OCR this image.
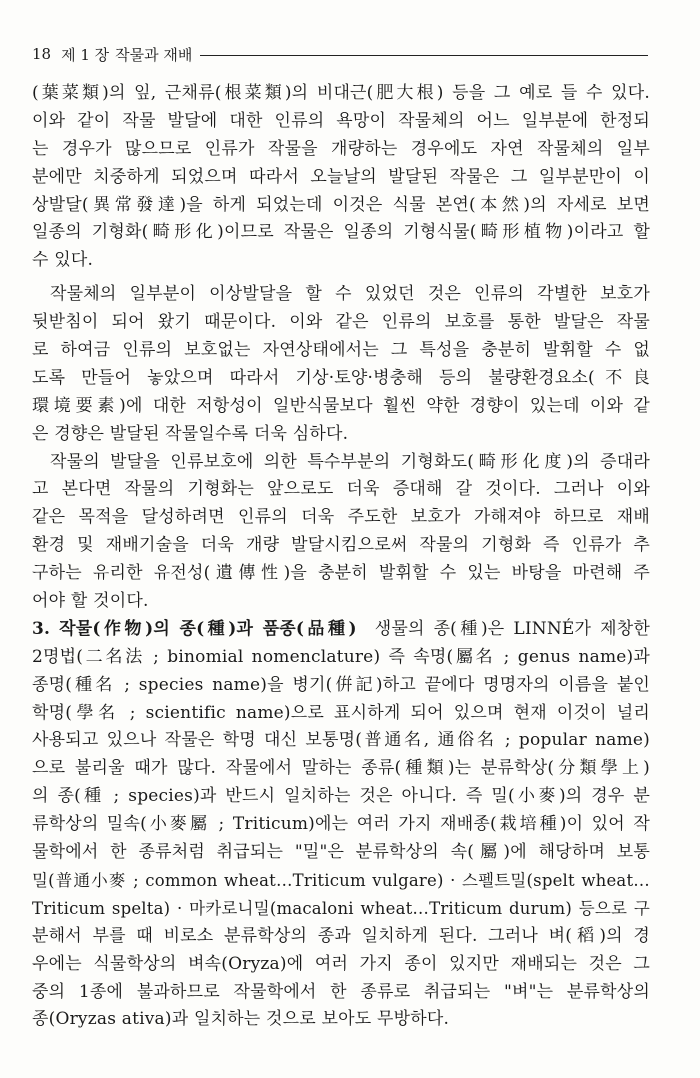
18 제 1 장 작물과 재배
(葉菜類)의 잎, 근채류(根菜類)의 비대근(肥大根) 등을 그 예로 들 수 있다.
이와 같이 작물 발달에 대한 인류의 욕망이 작물체의 어느 일부분에 한정되
는 경우가 많으므로 인류가 작물을 개량하는 경우에도 자연 작물체의 일부
분에만 치중하게 되었으며 따라서 오늘날의 발달된 작물은 그 일부분만이 이
상발달(異常發達)을 하게 되었는데 이것은 식물 본연(本然)의 자세로 보면
일종의 기형화(畸形化)이므로 작물은 일종의 기형식물(畸形植物)이라고 할
수 있다.
작물체의 일부분이 이상발달을 할 수 있었던 것은 인류의 각별한 보호가
뒷받침이 되어 왔기 때문이다. 이와 같은 인류의 보호를 통한 발달은 작물
로 하여금 인류의 보호없는 자연상태에서는 그 특성을 충분히 발휘할 수 없
도록 만들어 놓았으며 따라서 기상·토양·병충해 등의 불량환경요소(不良
環境要素)에 대한 저항성이 일반식물보다 훨씬 약한 경향이 있는데 이와 같
은 경향은 발달된 작물일수록 더욱 심하다.
작물의 발달을 인류보호에 의한 특수부분의 기형화도(畸形化度)의 증대라
고 본다면 작물의 기형화는 앞으로도 더욱 증대해 갈 것이다. 그러나 이와
같은 목적을 달성하려면 인류의 더욱 주도한 보호가 가해져야 하므로 재배
환경 및 재배기술을 더욱 개량 발달시킴으로써 작물의 기형화 즉 인류가 추
구하는 유리한 유전성(遺傳性)을 충분히 발휘할 수 있는 바탕을 마련해 주
어야 할 것이다.
3. 작물(作物)의 종(種)과 품종(品種) 생물의 종(種)은 LINNÉ가 제창한
2명법(二名法 ; binomial nomenclature) 즉 속명(屬名 ; genus name)과
종명(種名 ; species name)을 병기(倂記)하고 끝에다 명명자의 이름을 붙인
학명(學名 ; scientific name)으로 표시하게 되어 있으며 현재 이것이 널리
사용되고 있으나 작물은 학명 대신 보통명(普通名, 通俗名 ; popular name)
으로 불리울 때가 많다. 작물에서 말하는 종류(種類)는 분류학상(分類學上)
의 종(種 ; species)과 반드시 일치하는 것은 아니다. 즉 밀(小麥)의 경우 분
류학상의 밀속(小麥屬 ; Triticum)에는 여러 가지 재배종(栽培種)이 있어 작
물학에서 한 종류처럼 취급되는 "밀"은 분류학상의 속(屬)에 해당하며 보통
밀(普通小麥 ; common wheat…Triticum vulgare) · 스펠트밀(spelt wheat…
Triticum spelta) · 마카로니밀(macaloni wheat…Triticum durum) 등으로 구
분해서 부를 때 비로소 분류학상의 종과 일치하게 된다. 그러나 벼(稻)의 경
우에는 식물학상의 벼속(Oryza)에 여러 가지 종이 있지만 재배되는 것은 그
중의 1종에 불과하므로 작물학에서 한 종류로 취급되는 "벼"는 분류학상의
종(Oryzas ativa)과 일치하는 것으로 보아도 무방하다.
